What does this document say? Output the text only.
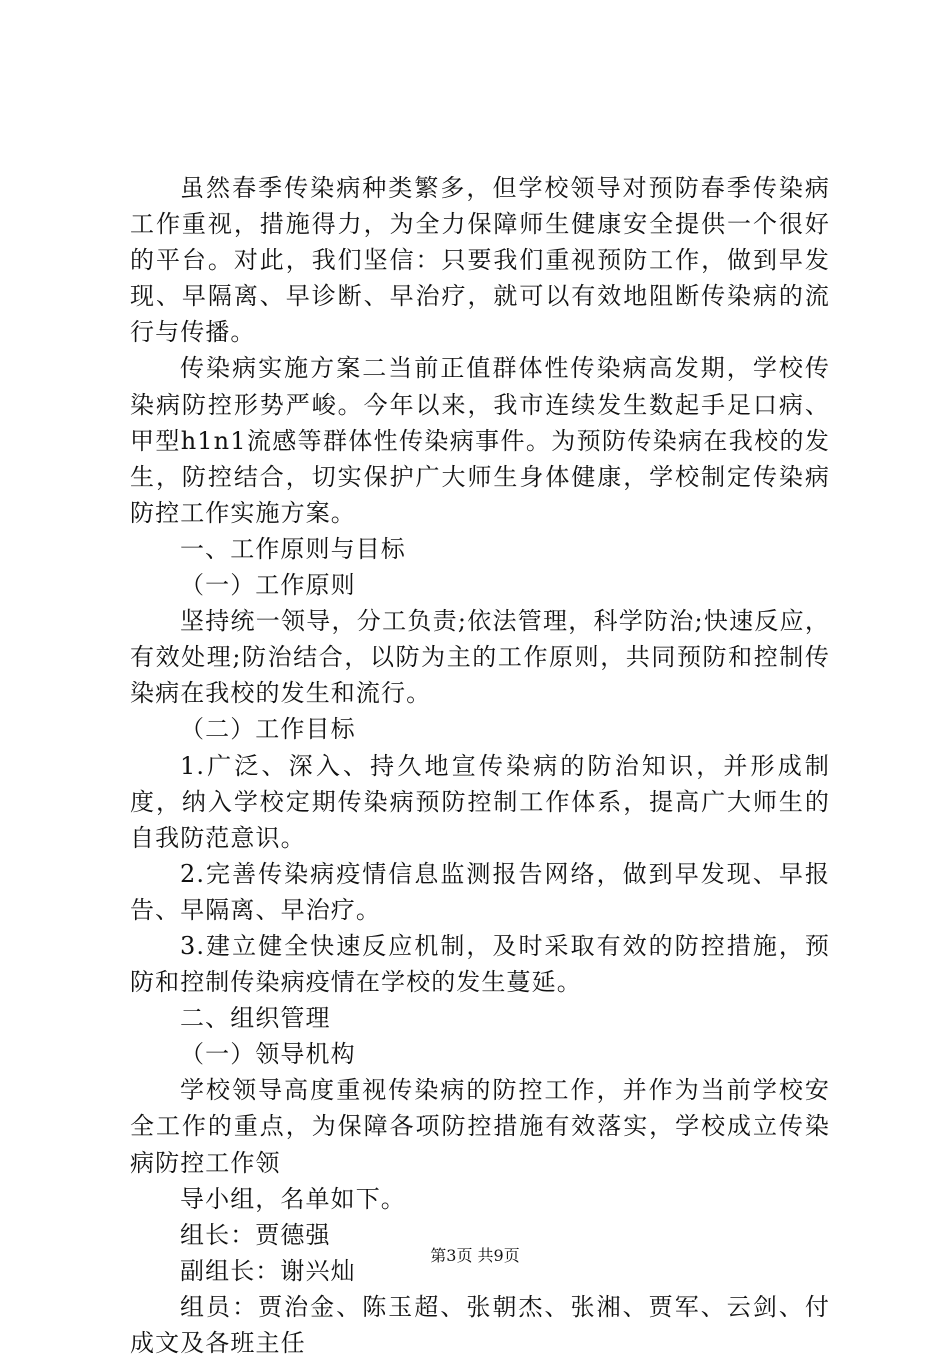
虽然春季传染病种类繁多，但学校领导对预防春季传染病工作重视，措施得力，为全力保障师生健康安全提供一个很好的平台。对此，我们坚信：只要我们重视预防工作，做到早发现、早隔离、早诊断、早治疗，就可以有效地阻断传染病的流行与传播。

传染病实施方案二当前正值群体性传染病高发期，学校传染病防控形势严峻。今年以来，我市连续发生数起手足口病、甲型h1n1流感等群体性传染病事件。为预防传染病在我校的发生，防控结合，切实保护广大师生身体健康，学校制定传染病防控工作实施方案。

一、工作原则与目标

（一）工作原则

坚持统一领导，分工负责;依法管理，科学防治;快速反应，有效处理;防治结合，以防为主的工作原则，共同预防和控制传染病在我校的发生和流行。

（二）工作目标

1.广泛、深入、持久地宣传染病的防治知识，并形成制度，纳入学校定期传染病预防控制工作体系，提高广大师生的自我防范意识。

2.完善传染病疫情信息监测报告网络，做到早发现、早报告、早隔离、早治疗。

3.建立健全快速反应机制，及时采取有效的防控措施，预防和控制传染病疫情在学校的发生蔓延。

二、组织管理

（一）领导机构

学校领导高度重视传染病的防控工作，并作为当前学校安全工作的重点，为保障各项防控措施有效落实，学校成立传染病防控工作领

导小组，名单如下。

组长：贾德强

副组长：谢兴灿

组员：贾治金、陈玉超、张朝杰、张湘、贾军、云剑、付成文及各班主任

第3页 共9页
